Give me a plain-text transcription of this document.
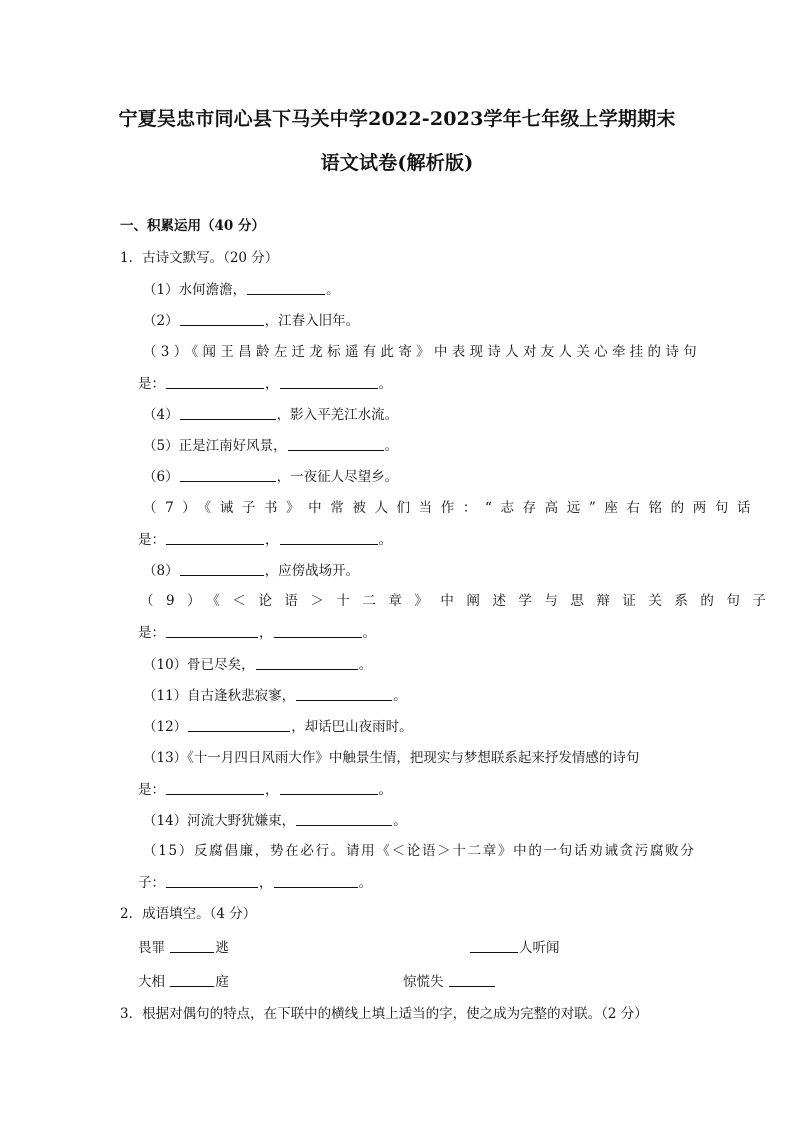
宁夏吴忠市同心县下马关中学2022-2023学年七年级上学期期末
语文试卷(解析版)
一、积累运用（40 分）
1．古诗文默写。（20 分）
（1）水何澹澹，	。
（2）	，江春入旧年。
（3）《闻王昌龄左迁龙标遥有此寄》中表现诗人对友人关心牵挂的诗句
是：	，	。
（4）	，影入平羌江水流。
（5）正是江南好风景，	。
（6）	，一夜征人尽望乡。
（7）《诫子书》中常被人们当作：“志存高远”座右铭的两句话
是：	，	。
（8）	，应傍战场开。
（9）《＜论语＞十二章》中阐述学与思辩证关系的句子
是：	，	。
（10）骨已尽矣，	。
（11）自古逢秋悲寂寥，	。
（12）	，却话巴山夜雨时。
（13）《十一月四日风雨大作》中触景生情，把现实与梦想联系起来抒发情感的诗句
是：	，	。
（14）河流大野犹嫌束，	。
（15）反腐倡廉，势在必行。请用《＜论语＞十二章》中的一句话劝诫贪污腐败分
子：	，	。
2．成语填空。（4 分）
畏罪	逃	人听闻
大相	庭	惊慌失
3．根据对偶句的特点，在下联中的横线上填上适当的字，使之成为完整的对联。（2 分）
